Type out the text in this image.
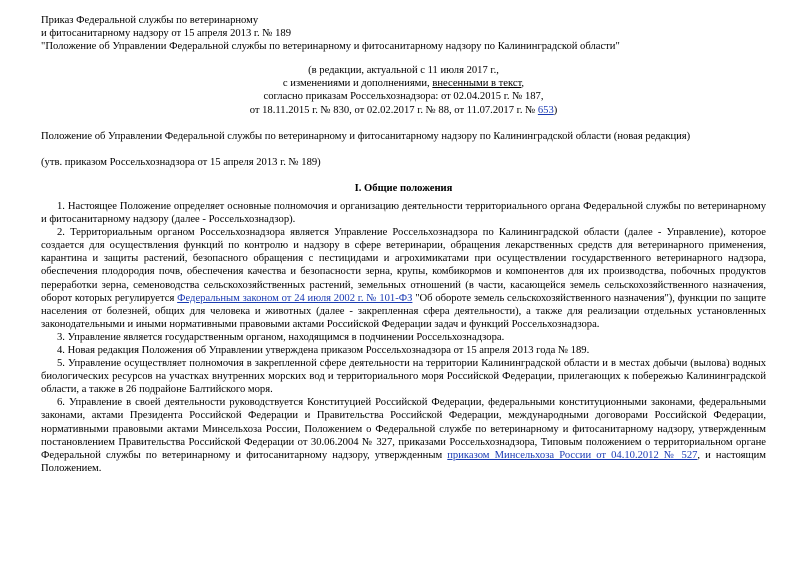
Приказ Федеральной службы по ветеринарному
и фитосанитарному надзору от 15 апреля 2013 г. № 189
"Положение об Управлении Федеральной службы по ветеринарному и фитосанитарному надзору по Калининградской области"
(в редакции, актуальной с 11 июля 2017 г.,
с изменениями и дополнениями, внесенными в текст,
согласно приказам Россельхознадзора: от 02.04.2015 г. № 187,
от 18.11.2015 г. № 830, от 02.02.2017 г. № 88, от 11.07.2017 г. № 653)

Положение об Управлении Федеральной службы по ветеринарному и фитосанитарному надзору по Калининградской области (новая редакция)

(утв. приказом Россельхознадзора от 15 апреля 2013 г. № 189)

I. Общие положения

1. Настоящее Положение определяет основные полномочия и организацию деятельности территориального органа Федеральной службы по ветеринарному и фитосанитарному надзору (далее - Россельхознадзор).

2. Территориальным органом Россельхознадзора является Управление Россельхознадзора по Калининградской области (далее - Управление), которое создается для осуществления функций по контролю и надзору в сфере ветеринарии, обращения лекарственных средств для ветеринарного применения, карантина и защиты растений, безопасного обращения с пестицидами и агрохимикатами при осуществлении государственного ветеринарного надзора, обеспечения плодородия почв, обеспечения качества и безопасности зерна, крупы, комбикормов и компонентов для их производства, побочных продуктов переработки зерна, семеноводства сельскохозяйственных растений, земельных отношений (в части, касающейся земель сельскохозяйственного назначения, оборот которых регулируется Федеральным законом от 24 июля 2002 г. № 101-ФЗ "Об обороте земель сельскохозяйственного назначения"), функции по защите населения от болезней, общих для человека и животных (далее - закрепленная сфера деятельности), а также для реализации отдельных установленных законодательными и иными нормативными правовыми актами Российской Федерации задач и функций Россельхознадзора.

3. Управление является государственным органом, находящимся в подчинении Россельхознадзора.

4. Новая редакция Положения об Управлении утверждена приказом Россельхознадзора от 15 апреля 2013 года № 189.

5. Управление осуществляет полномочия в закрепленной сфере деятельности на территории Калининградской области и в местах добычи (вылова) водных биологических ресурсов на участках внутренних морских вод и территориального моря Российской Федерации, прилегающих к побережью Калининградской области, а также в 26 подрайоне Балтийского моря.

6. Управление в своей деятельности руководствуется Конституцией Российской Федерации, федеральными конституционными законами, федеральными законами, актами Президента Российской Федерации и Правительства Российской Федерации, международными договорами Российской Федерации, нормативными правовыми актами Минсельхоза России, Положением о Федеральной службе по ветеринарному и фитосанитарному надзору, утвержденным постановлением Правительства Российской Федерации от 30.06.2004 № 327, приказами Россельхознадзора, Типовым положением о территориальном органе Федеральной службы по ветеринарному и фитосанитарному надзору, утвержденным приказом Минсельхоза России от 04.10.2012 № 527, и настоящим Положением.
